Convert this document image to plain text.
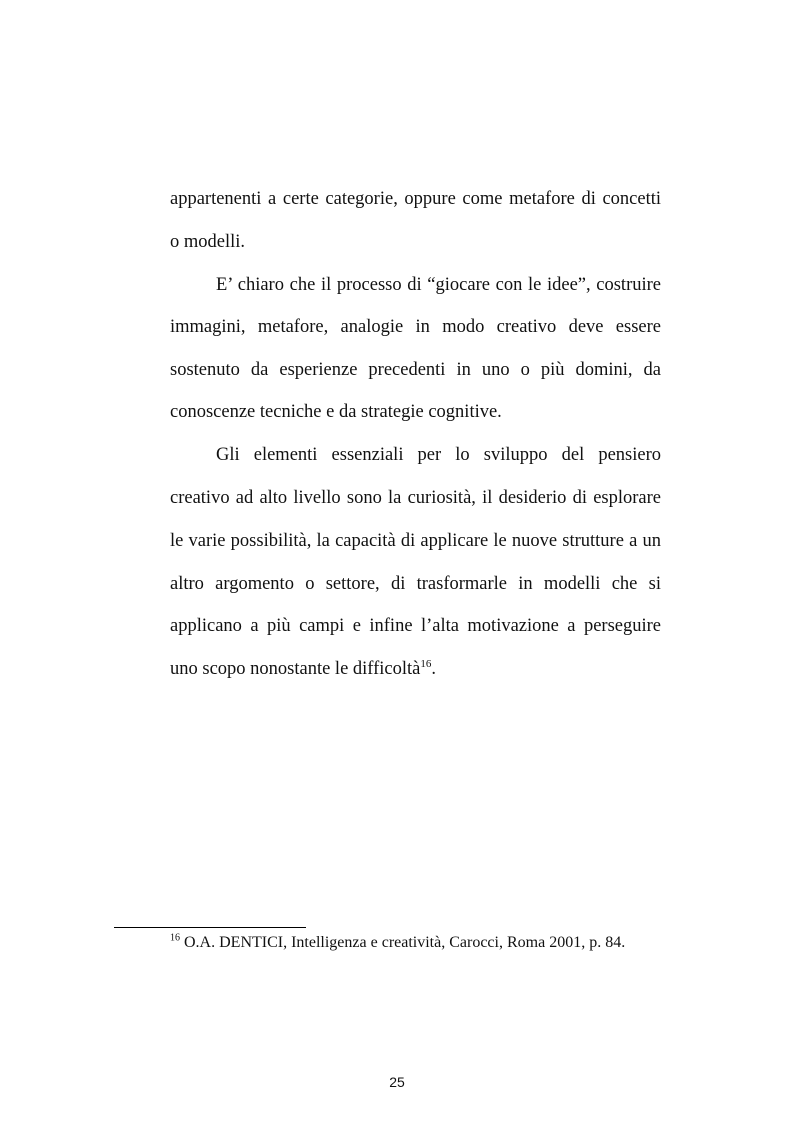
appartenenti a certe categorie, oppure come metafore di concetti
o modelli.
E’ chiaro che il processo di “giocare con le idee”, costruire
immagini, metafore, analogie in modo creativo deve essere
sostenuto da esperienze precedenti in uno o più domini, da
conoscenze tecniche e da strategie cognitive.
Gli elementi essenziali per lo sviluppo del pensiero
creativo ad alto livello sono la curiosità, il desiderio di esplorare
le varie possibilità, la capacità di applicare le nuove strutture a un
altro argomento o settore, di trasformarle in modelli che si
applicano a più campi e infine l’alta motivazione a perseguire
uno scopo nonostante le difficoltà$^{16}$.
$^{16}$ O.A. DENTICI, Intelligenza e creatività, Carocci, Roma 2001, p. 84.
25
